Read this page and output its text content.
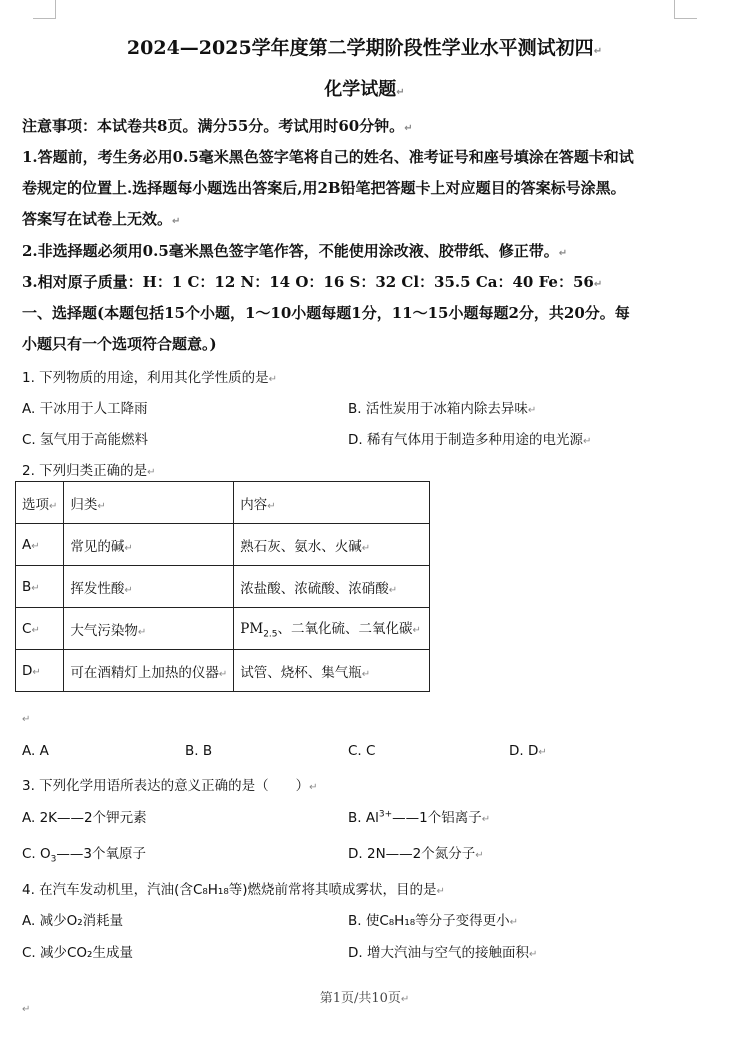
2024—2025学年度第二学期阶段性学业水平测试初四↵
化学试题↵
注意事项：本试卷共8页。满分55分。考试用时60分钟。↵
1.答题前，考生务必用0.5毫米黑色签字笔将自己的姓名、准考证号和座号填涂在答题卡和试
卷规定的位置上.选择题每小题选出答案后,用2B铅笔把答题卡上对应题目的答案标号涂黑。
答案写在试卷上无效。↵
2.非选择题必须用0.5毫米黑色签字笔作答，不能使用涂改液、胶带纸、修正带。↵
3.相对原子质量：H：1 C：12 N：14 O：16 S：32 Cl：35.5 Ca：40 Fe：56↵
一、选择题(本题包括15个小题，1～10小题每题1分，11～15小题每题2分，共20分。每
小题只有一个选项符合题意。)
1. 下列物质的用途，利用其化学性质的是↵
A. 干冰用于人工降雨	B. 活性炭用于冰箱内除去异味↵
C. 氢气用于高能燃料	D. 稀有气体用于制造多种用途的电光源↵
2. 下列归类正确的是↵
选项↵	归类↵	内容↵
A↵	常见的碱↵	熟石灰、氨水、火碱↵
B↵	挥发性酸↵	浓盐酸、浓硫酸、浓硝酸↵
C↵	大气污染物↵	$PM_{2.5}$、二氧化硫、二氧化碳↵
D↵	可在酒精灯上加热的仪器↵	试管、烧杯、集气瓶↵
↵
A. A	B. B	C. C	D. D↵
3. 下列化学用语所表达的意义正确的是（　　）↵
A. 2K——2个钾元素	B. $Al^{3+}——1$个铝离子↵
C. $O_3——3$个氧原子	D. 2N——2个氮分子↵
4. 在汽车发动机里，汽油(含C₈H₁₈等)燃烧前常将其喷成雾状，目的是↵
A. 减少O₂消耗量	B. 使C₈H₁₈等分子变得更小↵
C. 减少CO₂生成量	D. 增大汽油与空气的接触面积↵
第1页/共10页↵
↵
